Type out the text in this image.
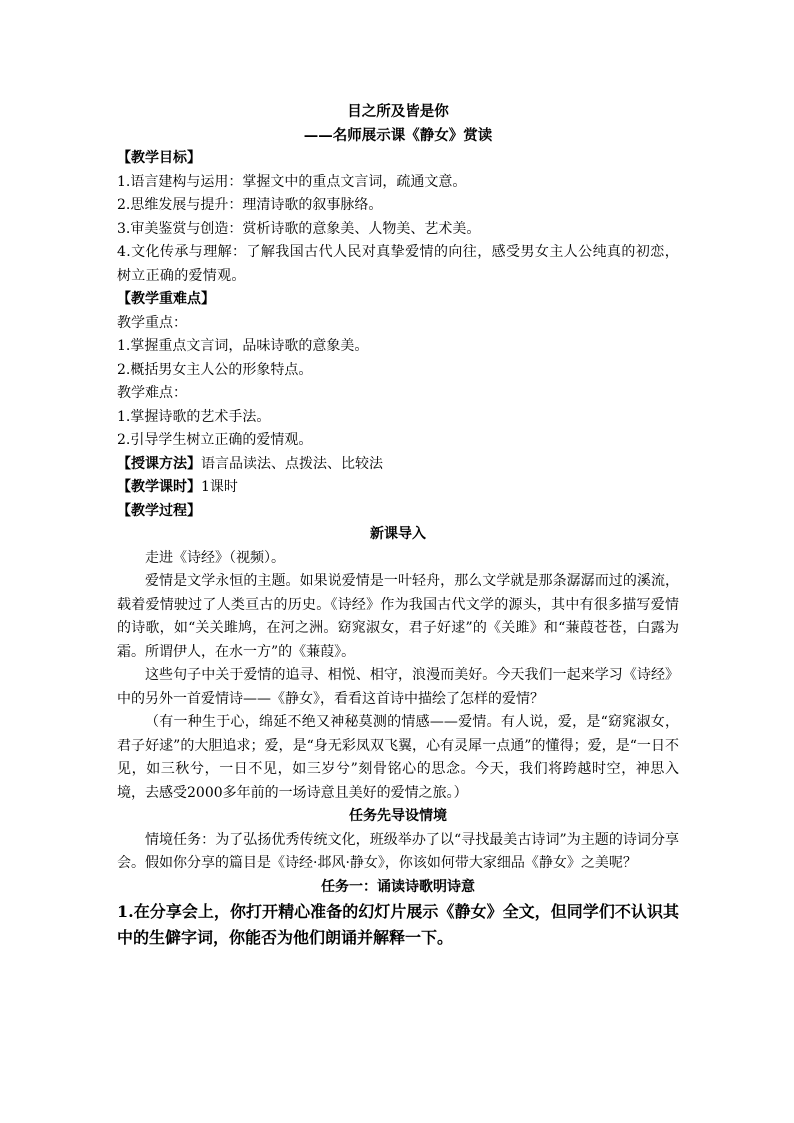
目之所及皆是你
——名师展示课《静女》赏读
【教学目标】
1.语言建构与运用：掌握文中的重点文言词，疏通文意。
2.思维发展与提升：理清诗歌的叙事脉络。
3.审美鉴赏与创造：赏析诗歌的意象美、人物美、艺术美。
4.文化传承与理解：了解我国古代人民对真挚爱情的向往，感受男女主人公纯真的初恋，树立正确的爱情观。
【教学重难点】
教学重点：
1.掌握重点文言词，品味诗歌的意象美。
2.概括男女主人公的形象特点。
教学难点：
1.掌握诗歌的艺术手法。
2.引导学生树立正确的爱情观。
【授课方法】语言品读法、点拨法、比较法
【教学课时】1课时
【教学过程】
新课导入
走进《诗经》（视频）。
爱情是文学永恒的主题。如果说爱情是一叶轻舟，那么文学就是那条潺潺而过的溪流，载着爱情驶过了人类亘古的历史。《诗经》作为我国古代文学的源头，其中有很多描写爱情的诗歌，如“关关雎鸠，在河之洲。窈窕淑女，君子好逑”的《关雎》和“蒹葭苍苍，白露为霜。所谓伊人，在水一方”的《蒹葭》。
这些句子中关于爱情的追寻、相悦、相守，浪漫而美好。今天我们一起来学习《诗经》中的另外一首爱情诗——《静女》，看看这首诗中描绘了怎样的爱情？
（有一种生于心，绵延不绝又神秘莫测的情感——爱情。有人说，爱，是“窈窕淑女，君子好逑”的大胆追求；爱，是“身无彩凤双飞翼，心有灵犀一点通”的懂得；爱，是“一日不见，如三秋兮，一日不见，如三岁兮”刻骨铭心的思念。今天，我们将跨越时空，神思入境，去感受2000多年前的一场诗意且美好的爱情之旅。）
任务先导设情境
情境任务：为了弘扬优秀传统文化，班级举办了以“寻找最美古诗词”为主题的诗词分享会。假如你分享的篇目是《诗经·邶风·静女》，你该如何带大家细品《静女》之美呢？
任务一：诵读诗歌明诗意
1.在分享会上，你打开精心准备的幻灯片展示《静女》全文，但同学们不认识其中的生僻字词，你能否为他们朗诵并解释一下。
